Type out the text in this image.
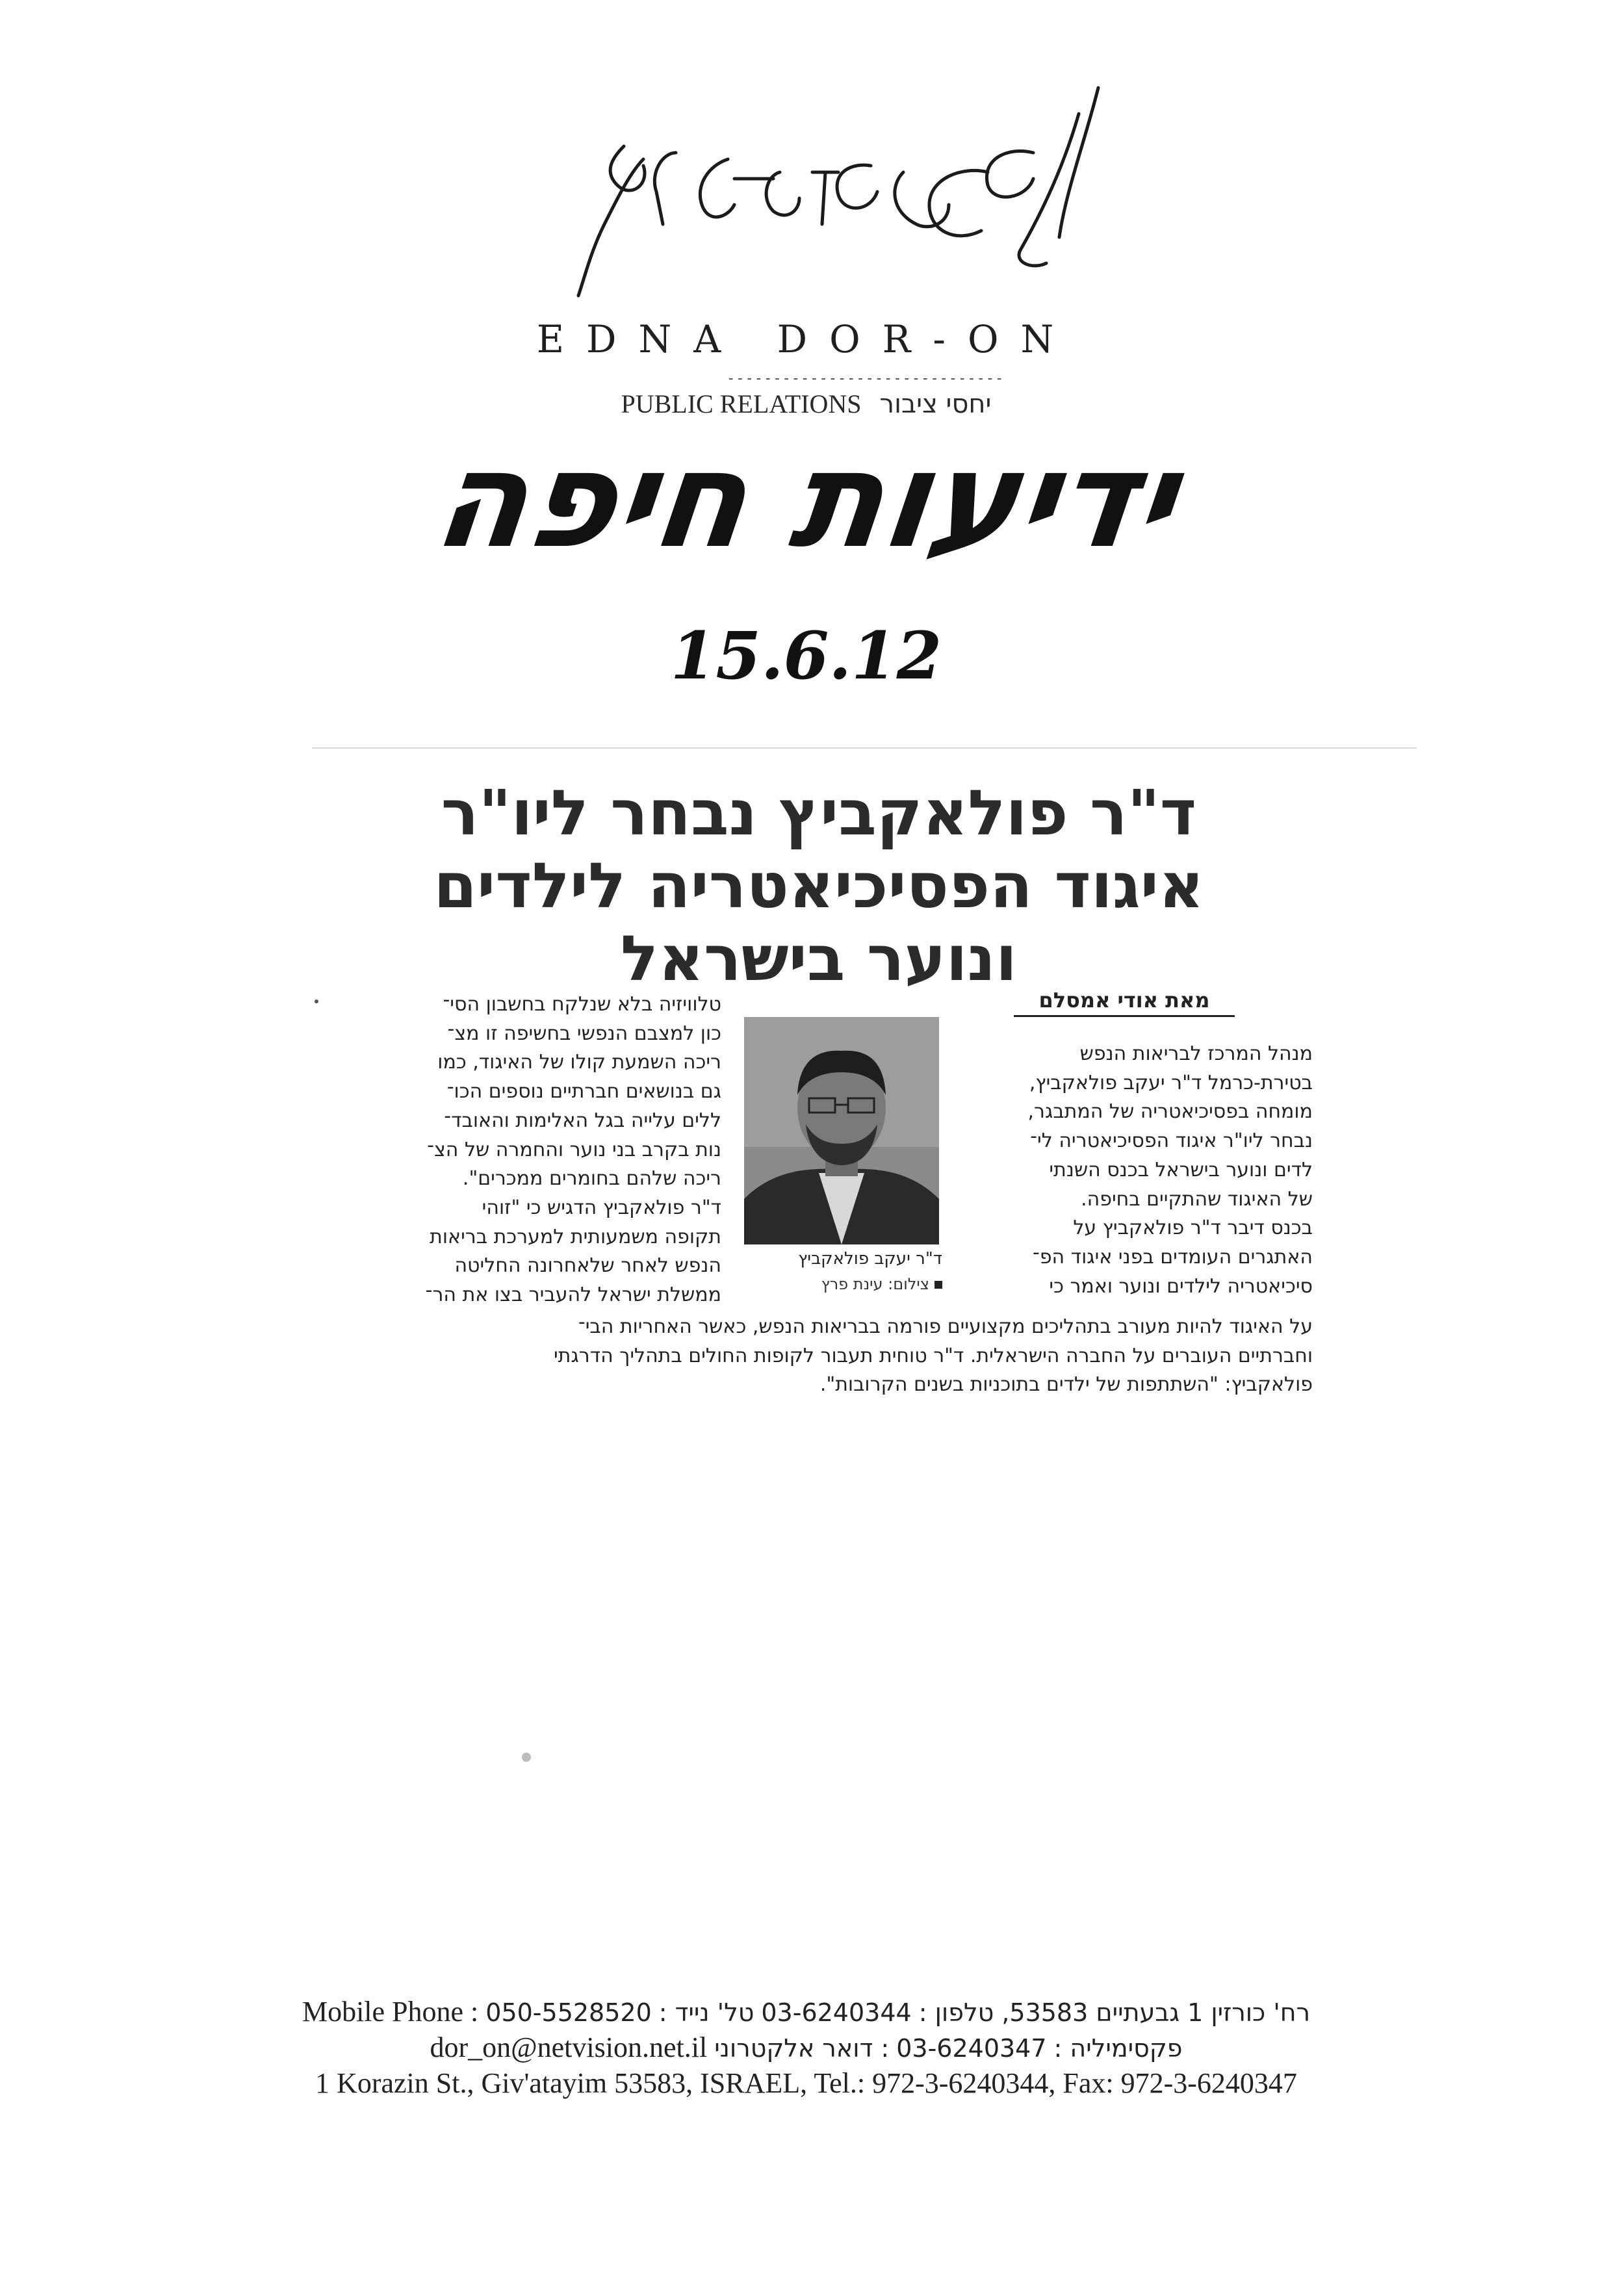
EDNA DOR-ON
------------------------------
PUBLIC RELATIONS יחסי ציבור
ידיעות חיפה
15.6.12
ד"ר פולאקביץ נבחר ליו"ר איגוד הפסיכיאטריה לילדים ונוער בישראל
מאת אודי אמסלם
מנהל המרכז לבריאות הנפש
בטירת-כרמל ד"ר יעקב פולאקביץ,
מומחה בפסיכיאטריה של המתבגר,
נבחר ליו"ר איגוד הפסיכיאטריה לי־
לדים ונוער בישראל בכנס השנתי
של האיגוד שהתקיים בחיפה.
בכנס דיבר ד"ר פולאקביץ על
האתגרים העומדים בפני איגוד הפ־
סיכיאטריה לילדים ונוער ואמר כי
ד"ר יעקב פולאקביץ
צילום: עינת פרץ
טלוויזיה בלא שנלקח בחשבון הסי־
כון למצבם הנפשי בחשיפה זו מצ־
ריכה השמעת קולו של האיגוד, כמו
גם בנושאים חברתיים נוספים הכו־
ללים עלייה בגל האלימות והאובד־
נות בקרב בני נוער והחמרה של הצ־
ריכה שלהם בחומרים ממכרים".
ד"ר פולאקביץ הדגיש כי "זוהי
תקופה משמעותית למערכת בריאות
הנפש לאחר שלאחרונה החליטה
ממשלת ישראל להעביר בצו את הר־
על האיגוד להיות מעורב בתהליכים מקצועיים פורמה בבריאות הנפש, כאשר האחריות הבי־
וחברתיים העוברים על החברה הישראלית. ד"ר טוחית תעבור לקופות החולים בתהליך הדרגתי
פולאקביץ: "השתתפות של ילדים בתוכניות בשנים הקרובות".
Mobile Phone : 050-5528520 טל' נייד : 03-6240344 רח' כורזין 1 גבעתיים 53583, טלפון :
dor_on@netvision.net.il : דואר אלקטרוני 03-6240347 פקסימיליה :
1 Korazin St., Giv'atayim 53583, ISRAEL, Tel.: 972-3-6240344, Fax: 972-3-6240347
